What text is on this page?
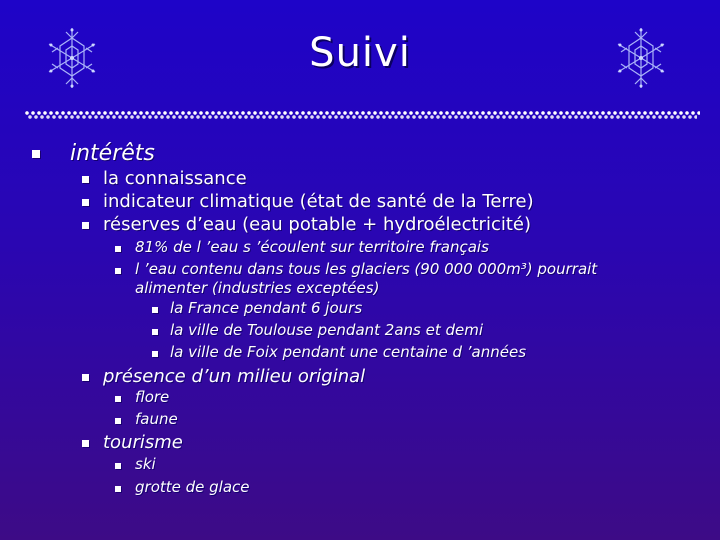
Suivi
intérêts
la connaissance
indicateur climatique (état de santé de la Terre)
réserves d’eau (eau potable + hydroélectricité)
81% de l ’eau s ’écoulent sur territoire français
l ’eau contenu dans tous les glaciers (90 000 000m³) pourrait
alimenter (industries exceptées)
la France pendant 6 jours
la ville de Toulouse pendant 2ans et demi
la ville de Foix pendant une centaine d ’années
présence d’un milieu original
flore
faune
tourisme
ski
grotte de glace
